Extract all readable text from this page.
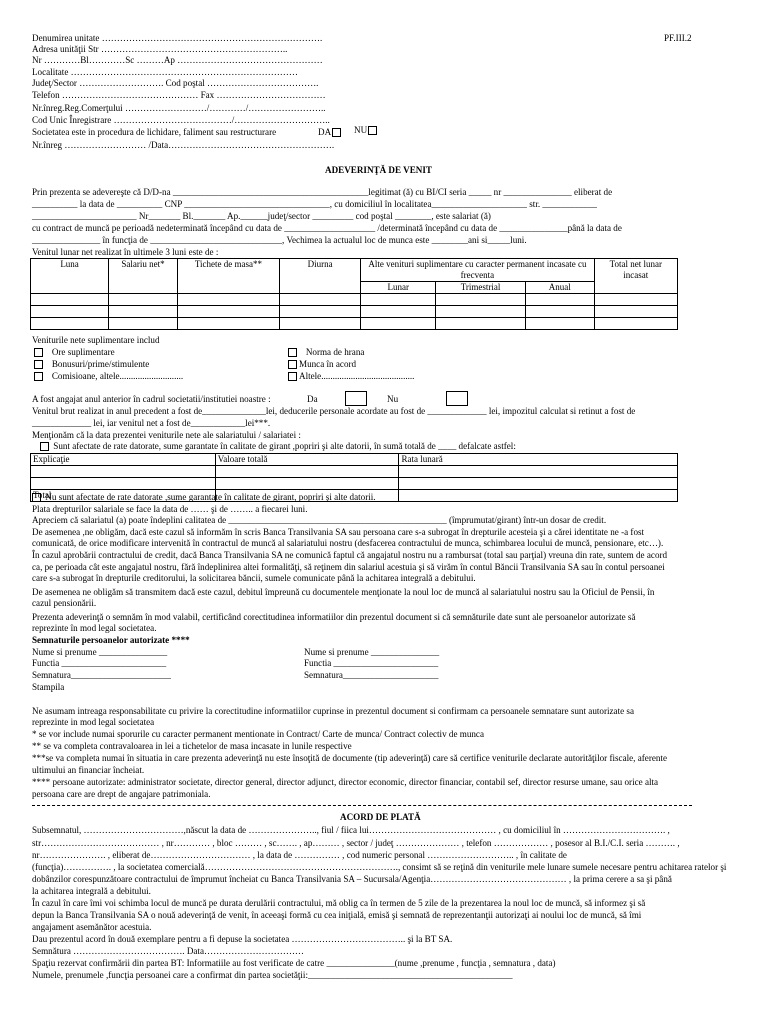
Denumirea unitate ……………………………………………………………….
Adresa unităţii Str ……………………………………………………..
Nr …………Bl…………Sc ………Ap …………………………………………
Localitate …………………………………………………………………
Judeţ/Sector ………………………. Cod poştal ……………………………….
Telefon ……………………………………… Fax ………………………………
Nr.înreg.Reg.Comerţului ………………………/…………/……………………..
Cod Unic Înregistrare …………………………………/…………………………..
Societatea este in procedura de lichidare, faliment sau restructurare	DA	NU
Nr.înreg ……………………… /Data……………………………………………….
PF.III.2
ADEVERINŢĂ DE VENIT
Prin prezenta se adevereşte că D/D-na ___________________________________________legitimat (ă) cu BI/CI seria _____ nr _______________ eliberat de
__________ la data de __________ CNP ________________________________, cu domiciliul în localitatea_____________________ str. ____________
_______________________ Nr_______ Bl._______ Ap.______judeţ/sector _________ cod poştal ________, este salariat (ă)
cu contract de muncă pe perioadă nedeterminată începând cu data de ____________________ /determinată începând cu data de _______________până la data de
_______________ în funcţia de _____________________________, Vechimea la actualul loc de munca este ________ani si_____luni.
Venitul lunar net realizat în ultimele 3 luni este de :
Luna	Salariu net*	Tichete de masa**	Diurna	Alte venituri suplimentare cu caracter permanent incasate cu frecventa			Total net lunar incasat
				Lunar	Trimestrial	Anual	

Veniturile nete suplimentare includ
Ore suplimentare
Bonusuri/prime/stimulente
Comisioane, altele............................
Norma de hrana
Munca în acord
Altele.........................................
A fost angajat anul anterior în cadrul societatii/institutiei noastre :	Da	Nu
Venitul brut realizat in anul precedent a fost de______________lei, deducerile personale acordate au fost de _____________ lei, impozitul calculat si retinut a fost de
_____________ lei, iar venitul net a fost de____________lei***.
Menţionăm că la data prezentei veniturile nete ale salariatului / salariatei :
Sunt afectate de rate datorate, sume garantate în calitate de girant ,popriri şi alte datorii, în sumă totală de ____ defalcate astfel:
Explicaţie	Valoare totală	Rata lunară

Total		
Nu sunt afectate de rate datorate ,sume garantate în calitate de girant, popriri şi alte datorii.
Plata drepturilor salariale se face la data de …… şi de …….. a fiecarei luni.
Apreciem că salariatul (a) poate îndeplini calitatea de ________________________________________________ (împrumutat/girant) într-un dosar de credit.
De asemenea ,ne obligăm, dacă este cazul să informăm în scris Banca Transilvania SA sau persoana care s-a subrogat în drepturile acesteia şi a cărei identitate ne -a fost
comunicată, de orice modificare intervenită în contractul de muncă al salariatului nostru (desfacerea contractului de munca, schimbarea locului de muncă, pensionare, etc…).
În cazul aprobării contractului de credit, dacă Banca Transilvania SA ne comunică faptul că angajatul nostru nu a rambursat (total sau parţial) vreuna din rate, suntem de acord
ca, pe perioada cât este angajatul nostru, fără îndeplinirea altei formalităţi, să reţinem din salariul acestuia şi să virăm în contul Băncii Transilvania SA sau în contul persoanei
care s-a subrogat în drepturile creditorului, la solicitarea băncii, sumele comunicate până la achitarea integrală a debitului.
De asemenea ne obligăm să transmitem dacă este cazul, debitul împreună cu documentele menţionate la noul loc de muncă al salariatului nostru sau la Oficiul de Pensii, în
cazul pensionării.
Prezenta adeverinţă o semnăm în mod valabil, certificând corectitudinea informatiilor din prezentul document si că semnăturile date sunt ale persoanelor autorizate să
reprezinte în mod legal societatea.
Semnaturile persoanelor autorizate ****
Nume si prenume _______________
Functia _______________________
Semnatura______________________
Stampila
Nume si prenume _______________
Functia _______________________
Semnatura_____________________
Ne asumam intreaga responsabilitate cu privire la corectitudine informatiilor cuprinse in prezentul document si confirmam ca persoanele semnatare sunt autorizate sa
reprezinte in mod legal societatea
* se vor include numai sporurile cu caracter permanent mentionate in Contract/ Carte de munca/ Contract colectiv de munca
** se va completa contravaloarea in lei a tichetelor de masa incasate in lunile respective
***se va completa numai în situatia in care prezenta adeverinţă nu este însoţită de documente (tip adeverinţă) care să certifice veniturile declarate autorităţilor fiscale, aferente
ultimului an financiar încheiat.
**** persoane autorizate: administrator societate, director general, director adjunct, director economic, director financiar, contabil sef, director resurse umane, sau orice alta
persoana care are drept de angajare patrimoniala.
ACORD DE PLATĂ
Subsemnatul, ……………………………,născut la data de ………………….., fiul / fiica lui…………………………………… , cu domiciliul în ……………………………. ,
str………………………………… , nr………… , bloc ……… , sc……. , ap……… , sector / judeţ ………………… , telefon ……………… , posesor al B.I./C.I. seria ………. ,
nr…………………. , eliberat de…………………………… , la data de …………… , cod numeric personal ……………………….. , în calitate de
(funcţia)……………. , la societatea comercială………………………………………………………., consimt să se reţină din veniturile mele lunare sumele necesare pentru achitarea ratelor şi
dobânzilor corespunzătoare contractului de împrumut încheiat cu Banca Transilvania SA – Sucursala/Agenţia……………………………………… , la prima cerere a sa şi până
la achitarea integrală a debitului.
În cazul în care îmi voi schimba locul de muncă pe durata derulării contractului, mă oblig ca în termen de 5 zile de la prezentarea la noul loc de muncă, să informez şi să
depun la Banca Transilvania SA o nouă adeverinţă de venit, în aceeaşi formă cu cea iniţială, emisă şi semnată de reprezentanţii autorizaţi ai noului loc de muncă, să îmi
angajament asemănător acestuia.
Dau prezentul acord în două exemplare pentru a fi depuse la societatea ……………………………….. şi la BT SA.
Semnătura ………………………………. Data……………………………
Spaţiu rezervat confirmării din partea BT: Informatiile au fost verificate de catre _______________(nume ,prenume , funcţia , semnatura , data)
Numele, prenumele ,funcţia persoanei care a confirmat din partea societăţii:_____________________________________________
